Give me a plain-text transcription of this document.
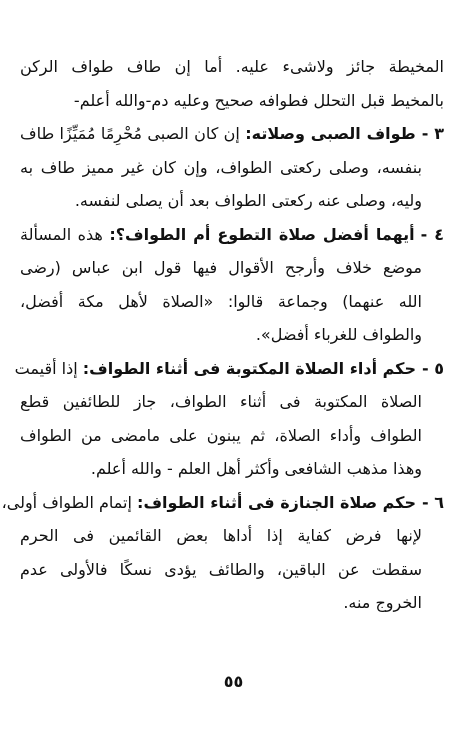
المخيطة جائز ولاشىء عليه. أما إن طاف طواف الركن
بالمخيط قبل التحلل فطوافه صحيح وعليه دم-والله أعلم-
٣ -طواف الصبى وصلاته: إن كان الصبى مُحْرِمًا مُمَيِّزًا طاف
بنفسه، وصلى ركعتى الطواف، وإن كان غير مميز طاف به
وليه، وصلى عنه ركعتى الطواف بعد أن يصلى لنفسه.
٤ -أيهما أفضل صلاة التطوع أم الطواف؟: هذه المسألة
موضع خلاف وأرجح الأقوال فيها قول ابن عباس (رضى
الله عنهما) وجماعة قالوا: «الصلاة لأهل مكة أفضل،
والطواف للغرباء أفضل».
٥ -حكم أداء الصلاة المكتوبة فى أثناء الطواف: إذا أقيمت
الصلاة المكتوبة فى أثناء الطواف، جاز للطائفين قطع
الطواف وأداء الصلاة، ثم يبنون على مامضى من الطواف
وهذا مذهب الشافعى وأكثر أهل العلم - والله أعلم.
٦ -حكم صلاة الجنازة فى أثناء الطواف: إتمام الطواف أولى،
لإنها فرض كفاية إذا أداها بعض القائمين فى الحرم
سقطت عن الباقين، والطائف يؤدى نسكًا فالأولى عدم
الخروج منه.
٥٥
